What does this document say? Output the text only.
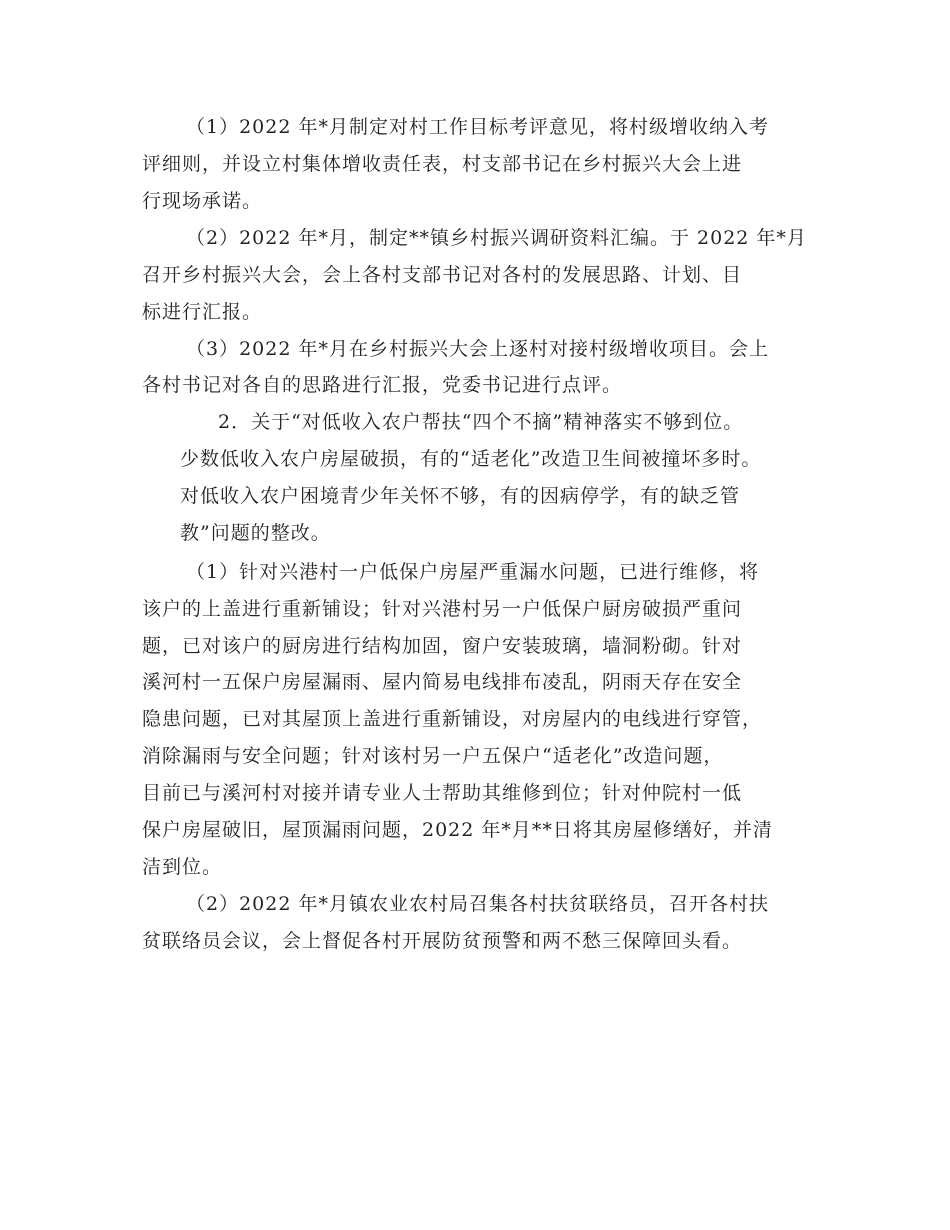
（1）2022 年*月制定对村工作目标考评意见，将村级增收纳入考
评细则，并设立村集体增收责任表，村支部书记在乡村振兴大会上进
行现场承诺。
（2）2022 年*月，制定**镇乡村振兴调研资料汇编。于 2022 年*月
召开乡村振兴大会，会上各村支部书记对各村的发展思路、计划、目
标进行汇报。
（3）2022 年*月在乡村振兴大会上逐村对接村级增收项目。会上
各村书记对各自的思路进行汇报，党委书记进行点评。
2．关于“对低收入农户帮扶“四个不摘”精神落实不够到位。
少数低收入农户房屋破损，有的“适老化”改造卫生间被撞坏多时。
对低收入农户困境青少年关怀不够，有的因病停学，有的缺乏管
教”问题的整改。
（1）针对兴港村一户低保户房屋严重漏水问题，已进行维修，将
该户的上盖进行重新铺设；针对兴港村另一户低保户厨房破损严重问
题，已对该户的厨房进行结构加固，窗户安装玻璃，墙洞粉砌。针对
溪河村一五保户房屋漏雨、屋内简易电线排布凌乱，阴雨天存在安全
隐患问题，已对其屋顶上盖进行重新铺设，对房屋内的电线进行穿管，
消除漏雨与安全问题；针对该村另一户五保户“适老化”改造问题，
目前已与溪河村对接并请专业人士帮助其维修到位；针对仲院村一低
保户房屋破旧，屋顶漏雨问题，2022 年*月**日将其房屋修缮好，并清
洁到位。
（2）2022 年*月镇农业农村局召集各村扶贫联络员，召开各村扶
贫联络员会议，会上督促各村开展防贫预警和两不愁三保障回头看。
